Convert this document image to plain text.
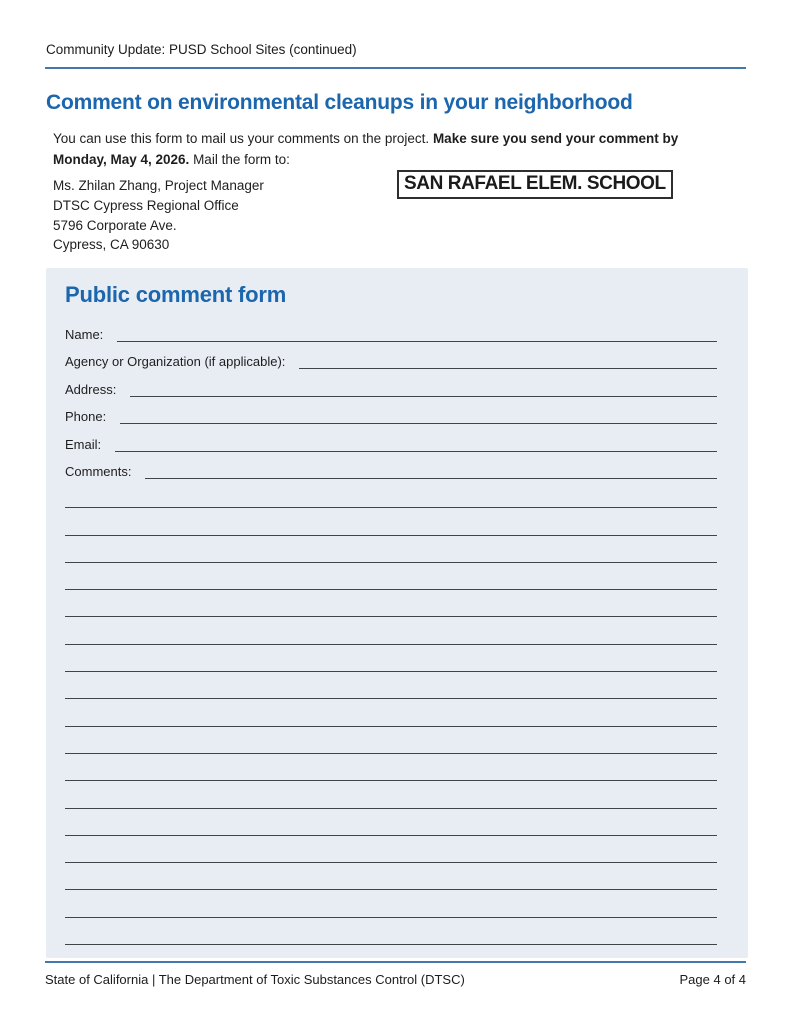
Community Update: PUSD School Sites (continued)
Comment on environmental cleanups in your neighborhood
You can use this form to mail us your comments on the project. Make sure you send your comment by Monday, May 4, 2026. Mail the form to:
Ms. Zhilan Zhang, Project Manager
DTSC Cypress Regional Office
5796 Corporate Ave.
Cypress, CA 90630
SAN RAFAEL ELEM. SCHOOL
Public comment form
Name:
Agency or Organization (if applicable):
Address:
Phone:
Email:
Comments:
State of California | The Department of Toxic Substances Control (DTSC)	Page 4 of 4
